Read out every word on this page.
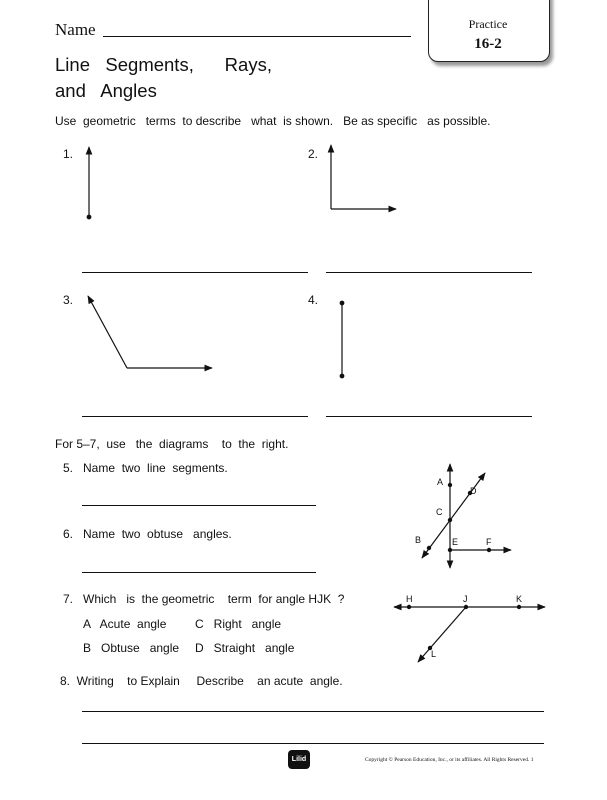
Name	Practice
16-2
Line   Segments,      Rays,
and   Angles
Use  geometric   terms  to describe   what  is shown.   Be as specific   as possible.
1.	2.
3.	4.
For 5–7,  use   the  diagrams    to  the  right.
5.   Name  two  line  segments.
6.   Name  two  obtuse   angles.
7.   Which   is  the geometric    term  for angle HJK  ?
A   Acute  angle C   Right   angle
B   Obtuse   angle D   Straight   angle
8.  Writing    to Explain     Describe    an acute  angle.
A
D
C
B	E	F
H	J	K
L
Lilid	Copyright © Pearson Education, Inc., or its affiliates. All Rights Reserved. 1
